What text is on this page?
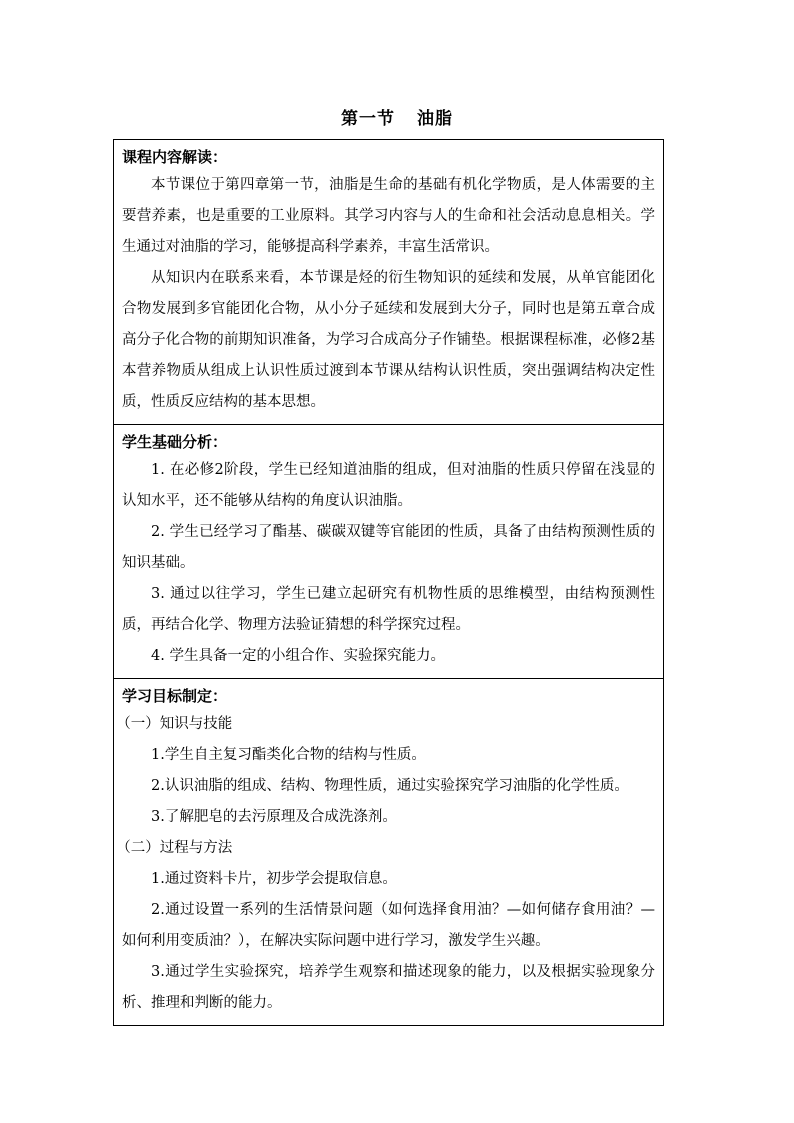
第一节 油脂

课程内容解读：

本节课位于第四章第一节，油脂是生命的基础有机化学物质，是人体需要的主要营养素，也是重要的工业原料。其学习内容与人的生命和社会活动息息相关。学生通过对油脂的学习，能够提高科学素养，丰富生活常识。

从知识内在联系来看，本节课是烃的衍生物知识的延续和发展，从单官能团化合物发展到多官能团化合物，从小分子延续和发展到大分子，同时也是第五章合成高分子化合物的前期知识准备，为学习合成高分子作铺垫。根据课程标准，必修2基本营养物质从组成上认识性质过渡到本节课从结构认识性质，突出强调结构决定性质，性质反应结构的基本思想。

学生基础分析：

1. 在必修2阶段，学生已经知道油脂的组成，但对油脂的性质只停留在浅显的认知水平，还不能够从结构的角度认识油脂。

2. 学生已经学习了酯基、碳碳双键等官能团的性质，具备了由结构预测性质的知识基础。

3. 通过以往学习，学生已建立起研究有机物性质的思维模型，由结构预测性质，再结合化学、物理方法验证猜想的科学探究过程。

4. 学生具备一定的小组合作、实验探究能力。

学习目标制定：

（一）知识与技能

1.学生自主复习酯类化合物的结构与性质。

2.认识油脂的组成、结构、物理性质，通过实验探究学习油脂的化学性质。

3.了解肥皂的去污原理及合成洗涤剂。

（二）过程与方法

1.通过资料卡片，初步学会提取信息。

2.通过设置一系列的生活情景问题（如何选择食用油？—如何储存食用油？—如何利用变质油？），在解决实际问题中进行学习，激发学生兴趣。

3.通过学生实验探究，培养学生观察和描述现象的能力，以及根据实验现象分析、推理和判断的能力。
